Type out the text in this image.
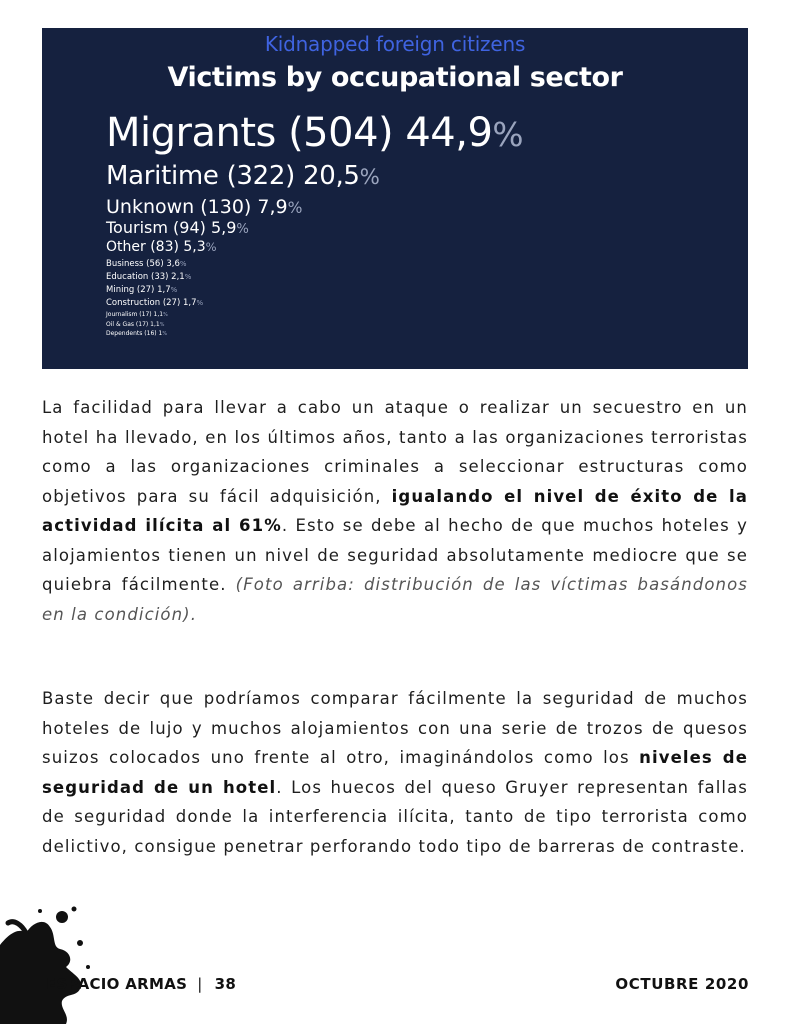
Kidnapped foreign citizens
Victims by occupational sector
Migrants (504) 44,9%
Maritime (322) 20,5%
Unknown (130) 7,9%
Tourism (94) 5,9%
Other (83) 5,3%
Business (56) 3,6%
Education (33) 2,1%
Mining (27) 1,7%
Construction (27) 1,7%
Journalism (17) 1,1%
Oil & Gas (17) 1,1%
Dependents (16) 1%

La facilidad para llevar a cabo un ataque o realizar un secuestro en un hotel ha llevado, en los últimos años, tanto a las organizaciones terroristas como a las organizaciones criminales a seleccionar estructuras como objetivos para su fácil adquisición, igualando el nivel de éxito de la actividad ilícita al 61%. Esto se debe al hecho de que muchos hoteles y alojamientos tienen un nivel de seguridad absolutamente mediocre que se quiebra fácilmente. (Foto arriba: distribución de las víctimas basándonos en la condición).

Baste decir que podríamos comparar fácilmente la seguridad de muchos hoteles de lujo y muchos alojamientos con una serie de trozos de quesos suizos colocados uno frente al otro, imaginándolos como los niveles de seguridad de un hotel. Los huecos del queso Gruyer representan fallas de seguridad donde la interferencia ilícita, tanto de tipo terrorista como delictivo, consigue penetrar perforando todo tipo de barreras de contraste.

ESPACIO ARMAS | 38	OCTUBRE 2020
